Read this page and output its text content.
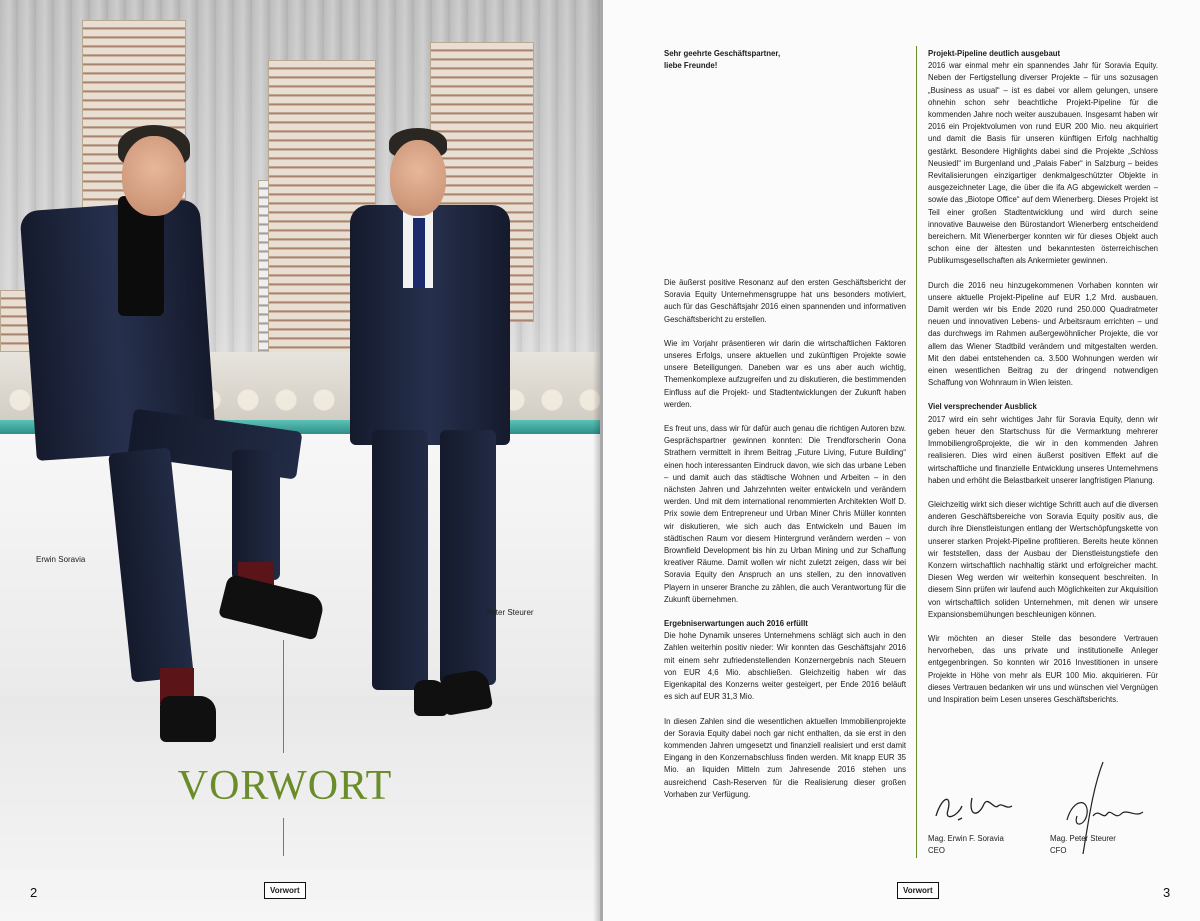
Erwin Soravia
Peter Steurer
VORWORT
2	Vorwort
Sehr geehrte Geschäftspartner,
liebe Freunde!

Die äußerst positive Resonanz auf den ersten Geschäftsbericht der Soravia Equity Unternehmensgruppe hat uns besonders motiviert, auch für das Geschäftsjahr 2016 einen spannenden und informativen Geschäftsbericht zu erstellen.

Wie im Vorjahr präsentieren wir darin die wirtschaftlichen Faktoren unseres Erfolgs, unsere aktuellen und zukünftigen Projekte sowie unsere Beteiligungen. Daneben war es uns aber auch wichtig, Themenkomplexe aufzugreifen und zu diskutieren, die bestimmenden Einfluss auf die Projekt- und Stadtentwicklungen der Zukunft haben werden.

Es freut uns, dass wir für dafür auch genau die richtigen Autoren bzw. Gesprächspartner gewinnen konnten: Die Trendforscherin Oona Strathern vermittelt in ihrem Beitrag „Future Living, Future Building“ einen hoch interessanten Eindruck davon, wie sich das urbane Leben – und damit auch das städtische Wohnen und Arbeiten – in den nächsten Jahren und Jahrzehnten weiter entwickeln und verändern werden. Und mit dem international renommierten Architekten Wolf D. Prix sowie dem Entrepreneur und Urban Miner Chris Müller konnten wir diskutieren, wie sich auch das Entwickeln und Bauen im städtischen Raum vor diesem Hintergrund verändern werden – von Brownfield Development bis hin zu Urban Mining und zur Schaffung kreativer Räume. Damit wollen wir nicht zuletzt zeigen, dass wir bei Soravia Equity den Anspruch an uns stellen, zu den innovativen Playern in unserer Branche zu zählen, die auch Verantwortung für die Zukunft übernehmen.

Ergebniserwartungen auch 2016 erfüllt

Die hohe Dynamik unseres Unternehmens schlägt sich auch in den Zahlen weiterhin positiv nieder: Wir konnten das Geschäftsjahr 2016 mit einem sehr zufriedenstellenden Konzernergebnis nach Steuern von EUR 4,6 Mio. abschließen. Gleichzeitig haben wir das Eigenkapital des Konzerns weiter gesteigert, per Ende 2016 beläuft es sich auf EUR 31,3 Mio.

In diesen Zahlen sind die wesentlichen aktuellen Immobilienprojekte der Soravia Equity dabei noch gar nicht enthalten, da sie erst in den kommenden Jahren umgesetzt und finanziell realisiert und erst damit Eingang in den Konzernabschluss finden werden. Mit knapp EUR 35 Mio. an liquiden Mitteln zum Jahresende 2016 stehen uns ausreichend Cash-Reserven für die Realisierung dieser großen Vorhaben zur Verfügung.

Projekt-Pipeline deutlich ausgebaut

2016 war einmal mehr ein spannendes Jahr für Soravia Equity. Neben der Fertigstellung diverser Projekte – für uns sozusagen „Business as usual“ – ist es dabei vor allem gelungen, unsere ohnehin schon sehr beachtliche Projekt-Pipeline für die kommenden Jahre noch weiter auszubauen. Insgesamt haben wir 2016 ein Projektvolumen von rund EUR 200 Mio. neu akquiriert und damit die Basis für unseren künftigen Erfolg nachhaltig gestärkt. Besondere Highlights dabei sind die Projekte „Schloss Neusiedl“ im Burgenland und „Palais Faber“ in Salzburg – beides Revitalisierungen einzigartiger denkmalgeschützter Objekte in ausgezeichneter Lage, die über die ifa AG abgewickelt werden – sowie das „Biotope Office“ auf dem Wienerberg. Dieses Projekt ist Teil einer großen Stadtentwicklung und wird durch seine innovative Bauweise den Bürostandort Wienerberg entscheidend bereichern. Mit Wienerberger konnten wir für dieses Objekt auch schon eine der ältesten und bekanntesten österreichischen Publikumsgesellschaften als Ankermieter gewinnen.

Durch die 2016 neu hinzugekommenen Vorhaben konnten wir unsere aktuelle Projekt-Pipeline auf EUR 1,2 Mrd. ausbauen. Damit werden wir bis Ende 2020 rund 250.000 Quadratmeter neuen und innovativen Lebens- und Arbeitsraum errichten – und das durchwegs im Rahmen außergewöhnlicher Projekte, die vor allem das Wiener Stadtbild verändern und mitgestalten werden. Mit den dabei entstehenden ca. 3.500 Wohnungen werden wir einen wesentlichen Beitrag zu der dringend notwendigen Schaffung von Wohnraum in Wien leisten.

Viel versprechender Ausblick

2017 wird ein sehr wichtiges Jahr für Soravia Equity, denn wir geben heuer den Startschuss für die Vermarktung mehrerer Immobiliengroßprojekte, die wir in den kommenden Jahren realisieren. Dies wird einen äußerst positiven Effekt auf die wirtschaftliche und finanzielle Entwicklung unseres Unternehmens haben und erhöht die Belastbarkeit unserer langfristigen Planung.

Gleichzeitig wirkt sich dieser wichtige Schritt auch auf die diversen anderen Geschäftsbereiche von Soravia Equity positiv aus, die durch ihre Dienstleistungen entlang der Wertschöpfungskette von unserer starken Projekt-Pipeline profitieren. Bereits heute können wir feststellen, dass der Ausbau der Dienstleistungstiefe den Konzern wirtschaftlich nachhaltig stärkt und erfolgreicher macht. Diesen Weg werden wir weiterhin konsequent beschreiten. In diesem Sinn prüfen wir laufend auch Möglichkeiten zur Akquisition von wirtschaftlich soliden Unternehmen, mit denen wir unsere Expansionsbemühungen beschleunigen können.

Wir möchten an dieser Stelle das besondere Vertrauen hervorheben, das uns private und institutionelle Anleger entgegenbringen. So konnten wir 2016 Investitionen in unsere Projekte in Höhe von mehr als EUR 100 Mio. akquirieren. Für dieses Vertrauen bedanken wir uns und wünschen viel Vergnügen und Inspiration beim Lesen unseres Geschäftsberichts.

Mag. Erwin F. Soravia
CEO
Mag. Peter Steurer
CFO
Vorwort	3
